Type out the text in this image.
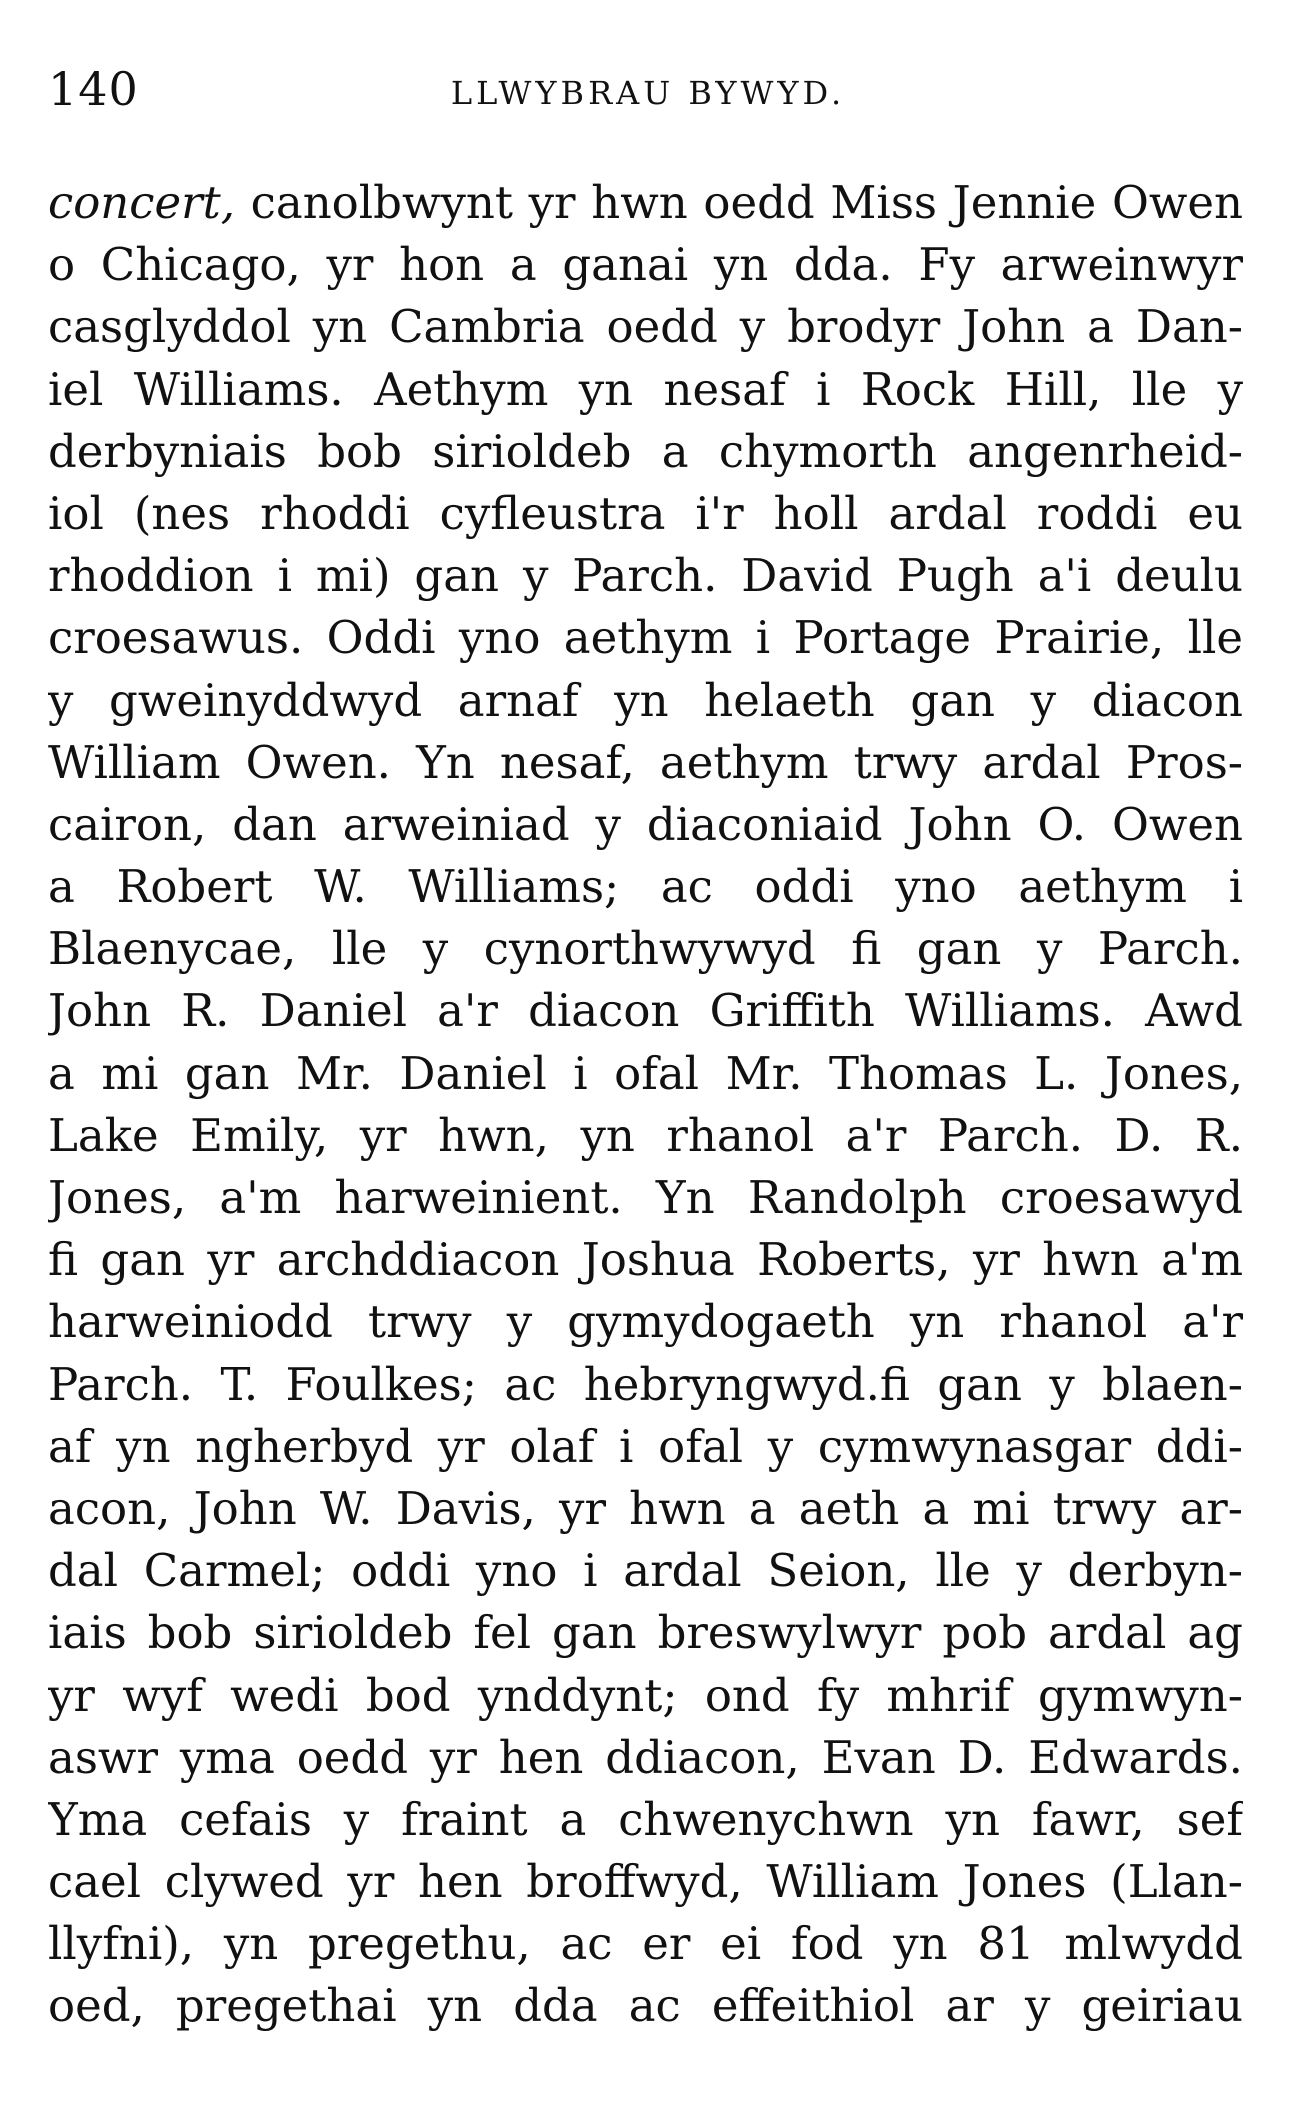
140	LLWYBRAU BYWYD.
concert, canolbwynt yr hwn oedd Miss Jennie Owen
o Chicago, yr hon a ganai yn dda. Fy arweinwyr
casglyddol yn Cambria oedd y brodyr John a Dan-
iel Williams. Aethym yn nesaf i Rock Hill, lle y
derbyniais bob sirioldeb a chymorth angenrheid-
iol (nes rhoddi cyfleustra i'r holl ardal roddi eu
rhoddion i mi) gan y Parch. David Pugh a'i deulu
croesawus. Oddi yno aethym i Portage Prairie, lle
y gweinyddwyd arnaf yn helaeth gan y diacon
William Owen. Yn nesaf, aethym trwy ardal Pros-
cairon, dan arweiniad y diaconiaid John O. Owen
a Robert W. Williams; ac oddi yno aethym i
Blaenycae, lle y cynorthwywyd fi gan y Parch.
John R. Daniel a'r diacon Griffith Williams. Awd
a mi gan Mr. Daniel i ofal Mr. Thomas L. Jones,
Lake Emily, yr hwn, yn rhanol a'r Parch. D. R.
Jones, a'm harweinient. Yn Randolph croesawyd
fi gan yr archddiacon Joshua Roberts, yr hwn a'm
harweiniodd trwy y gymydogaeth yn rhanol a'r
Parch. T. Foulkes; ac hebryngwyd.fi gan y blaen-
af yn ngherbyd yr olaf i ofal y cymwynasgar ddi-
acon, John W. Davis, yr hwn a aeth a mi trwy ar-
dal Carmel; oddi yno i ardal Seion, lle y derbyn-
iais bob sirioldeb fel gan breswylwyr pob ardal ag
yr wyf wedi bod ynddynt; ond fy mhrif gymwyn-
aswr yma oedd yr hen ddiacon, Evan D. Edwards.
Yma cefais y fraint a chwenychwn yn fawr, sef
cael clywed yr hen broffwyd, William Jones (Llan-
llyfni), yn pregethu, ac er ei fod yn 81 mlwydd
oed, pregethai yn dda ac effeithiol ar y geiriau
